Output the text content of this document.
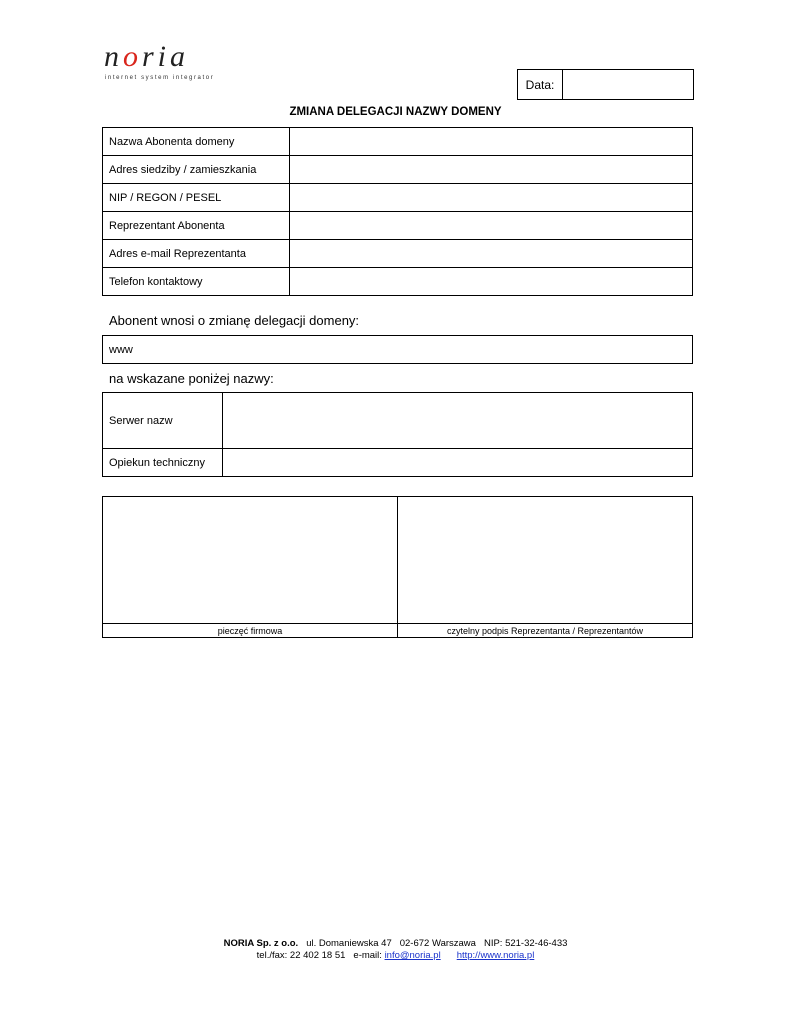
noria
internet system integrator	Data:
ZMIANA DELEGACJI NAZWY DOMENY
Nazwa Abonenta domeny	
Adres siedziby / zamieszkania	
NIP / REGON / PESEL	
Reprezentant Abonenta	
Adres e-mail Reprezentanta	
Telefon kontaktowy	
Abonent wnosi o zmianę delegacji domeny:
www
na wskazane poniżej nazwy:
Serwer nazw	
Opiekun techniczny	

pieczęć firmowa	czytelny podpis Reprezentanta / Reprezentantów
NORIA Sp. z o.o. ul. Domaniewska 47 02-672 Warszawa NIP: 521-32-46-433
tel./fax: 22 402 18 51 e-mail: info@noria.pl http://www.noria.pl
